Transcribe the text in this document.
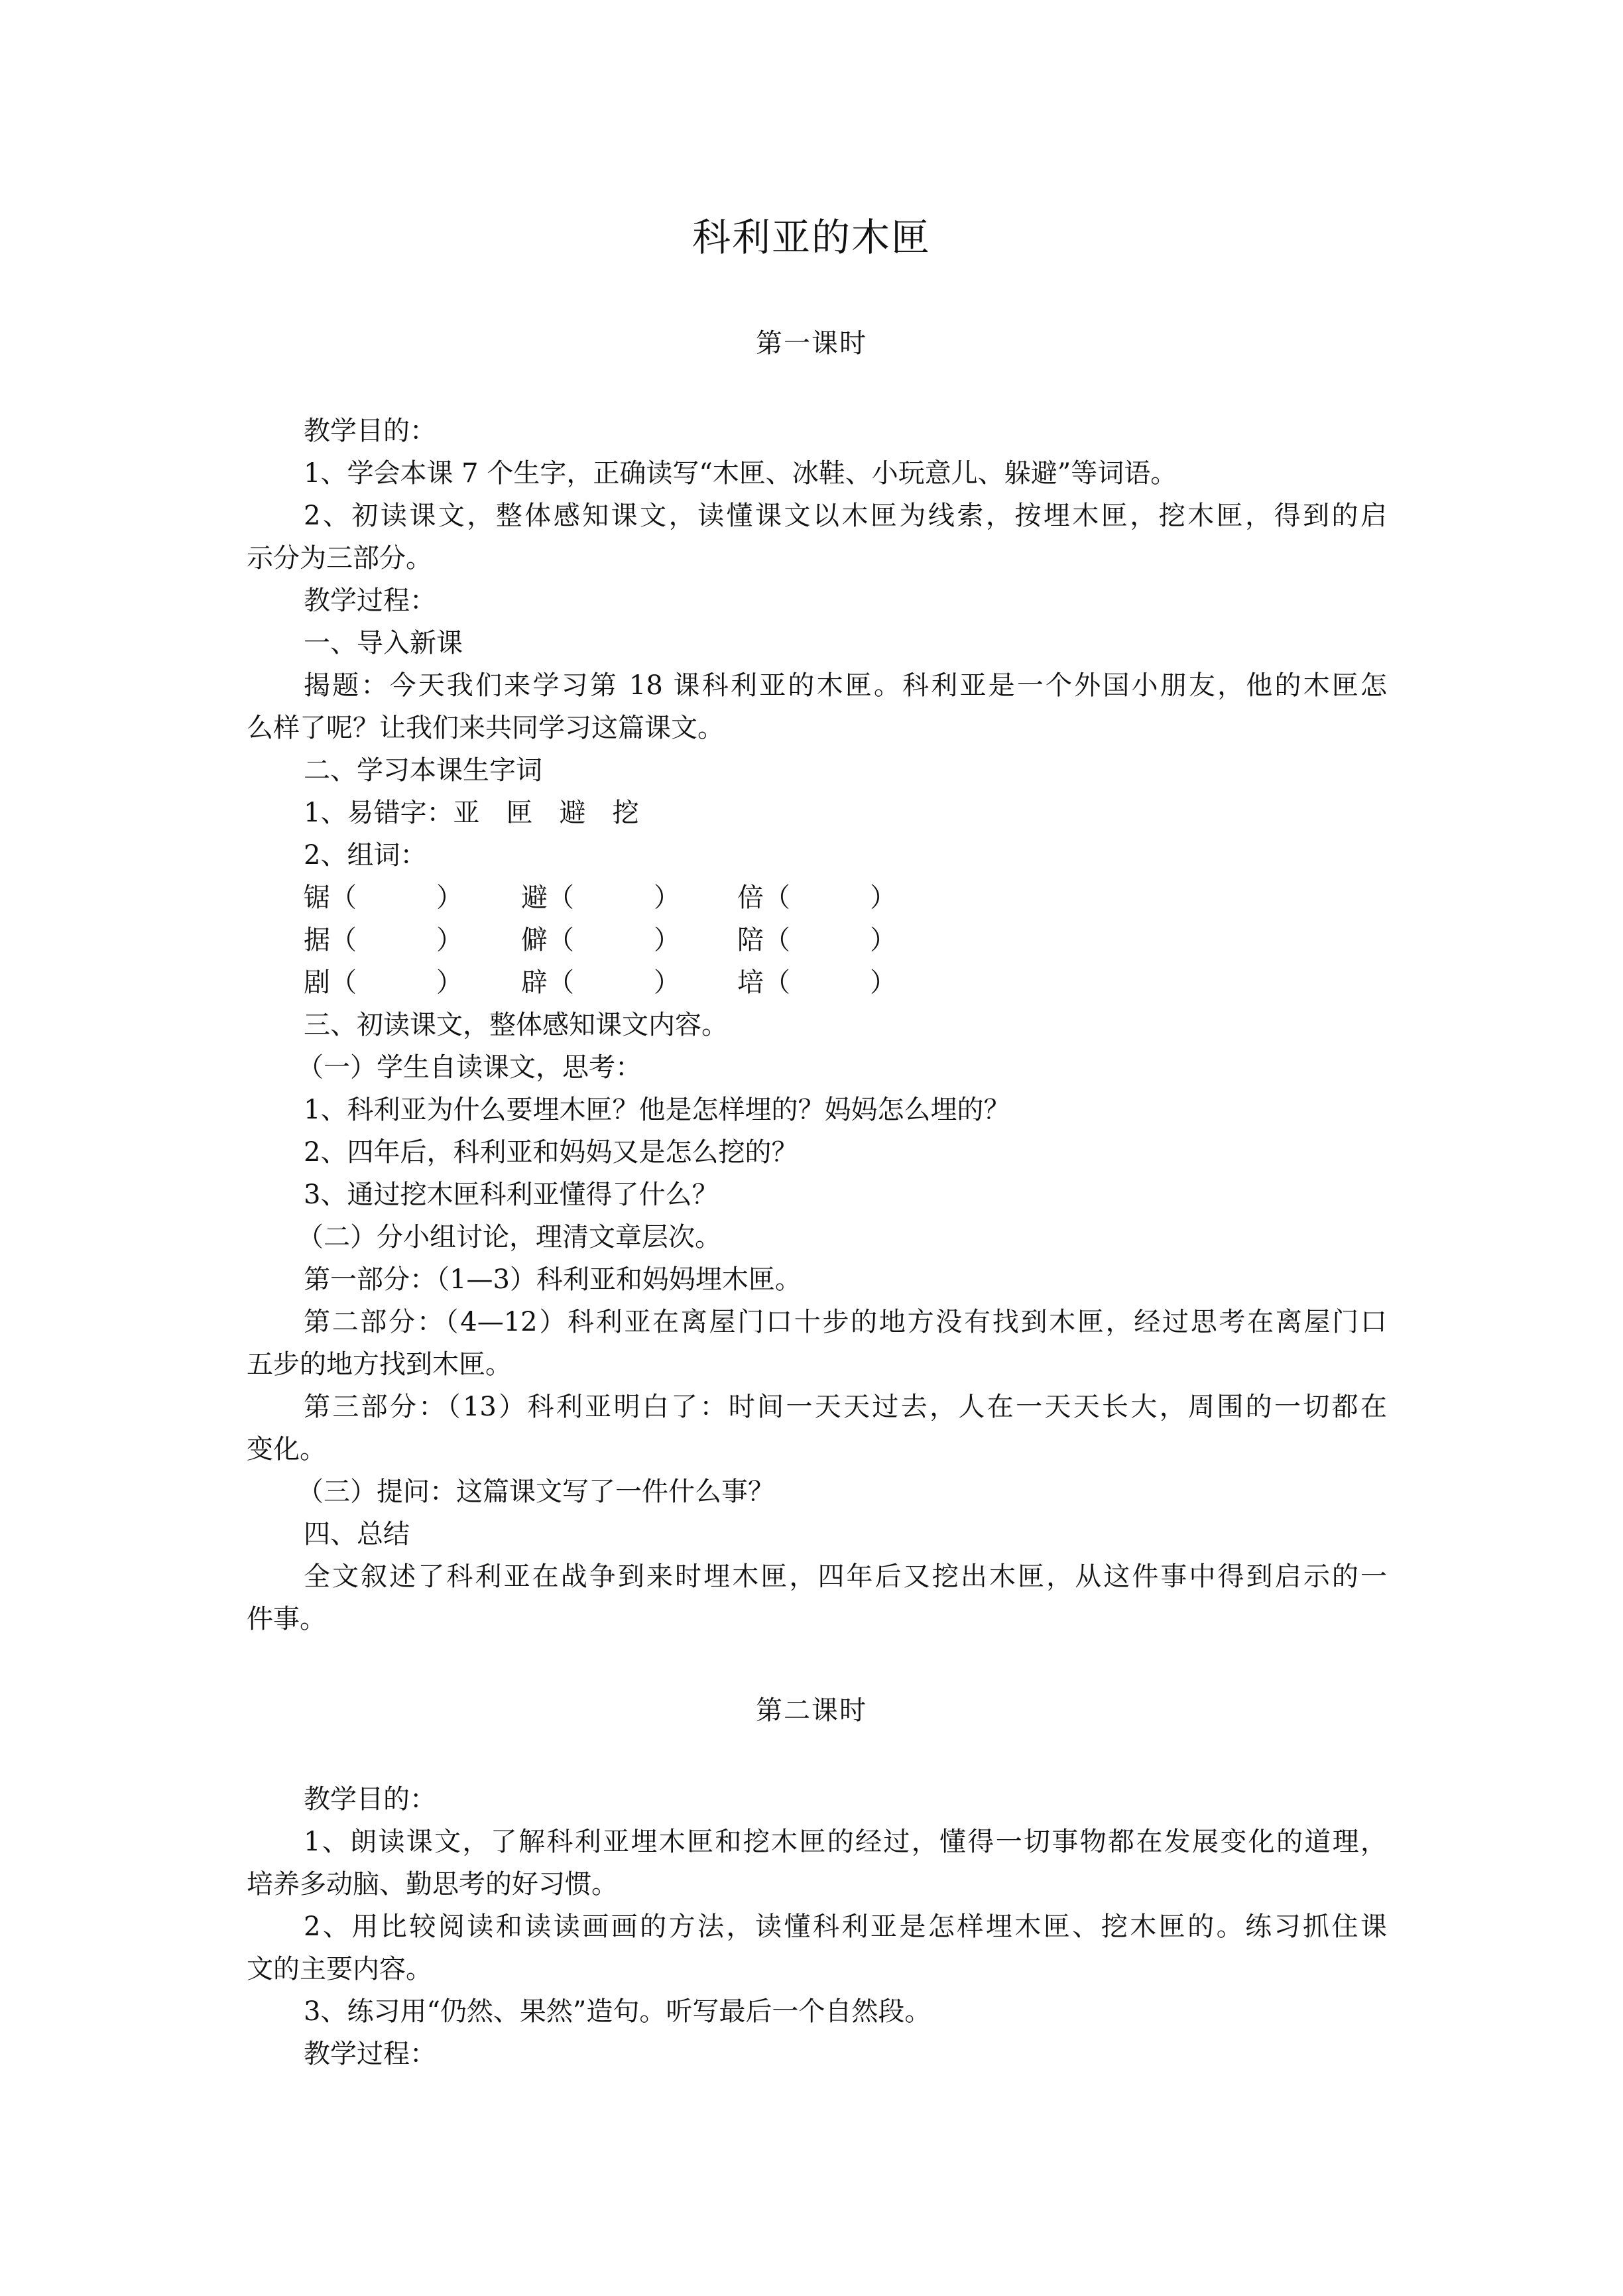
科利亚的木匣
第一课时
教学目的：
1、学会本课 7 个生字，正确读写“木匣、冰鞋、小玩意儿、躲避”等词语。
2、初读课文，整体感知课文，读懂课文以木匣为线索，按埋木匣，挖木匣，得到的启
示分为三部分。
教学过程：
一、导入新课
揭题：今天我们来学习第 18 课科利亚的木匣。科利亚是一个外国小朋友，他的木匣怎
么样了呢？让我们来共同学习这篇课文。
二、学习本课生字词
1、易错字：亚　匣　避　挖
2、组词：
锯（　　　） 避（　　　） 倍（　　　）
据（　　　） 僻（　　　） 陪（　　　）
剧（　　　） 辟（　　　） 培（　　　）
三、初读课文，整体感知课文内容。
（一）学生自读课文，思考：
1、科利亚为什么要埋木匣？他是怎样埋的？妈妈怎么埋的？
2、四年后，科利亚和妈妈又是怎么挖的？
3、通过挖木匣科利亚懂得了什么？
（二）分小组讨论，理清文章层次。
第一部分：（1—3）科利亚和妈妈埋木匣。
第二部分：（4—12）科利亚在离屋门口十步的地方没有找到木匣，经过思考在离屋门口
五步的地方找到木匣。
第三部分：（13）科利亚明白了：时间一天天过去，人在一天天长大，周围的一切都在
变化。
（三）提问：这篇课文写了一件什么事？
四、总结
全文叙述了科利亚在战争到来时埋木匣，四年后又挖出木匣，从这件事中得到启示的一
件事。
第二课时
教学目的：
1、朗读课文，了解科利亚埋木匣和挖木匣的经过，懂得一切事物都在发展变化的道理，
培养多动脑、勤思考的好习惯。
2、用比较阅读和读读画画的方法，读懂科利亚是怎样埋木匣、挖木匣的。练习抓住课
文的主要内容。
3、练习用“仍然、果然”造句。听写最后一个自然段。
教学过程：
